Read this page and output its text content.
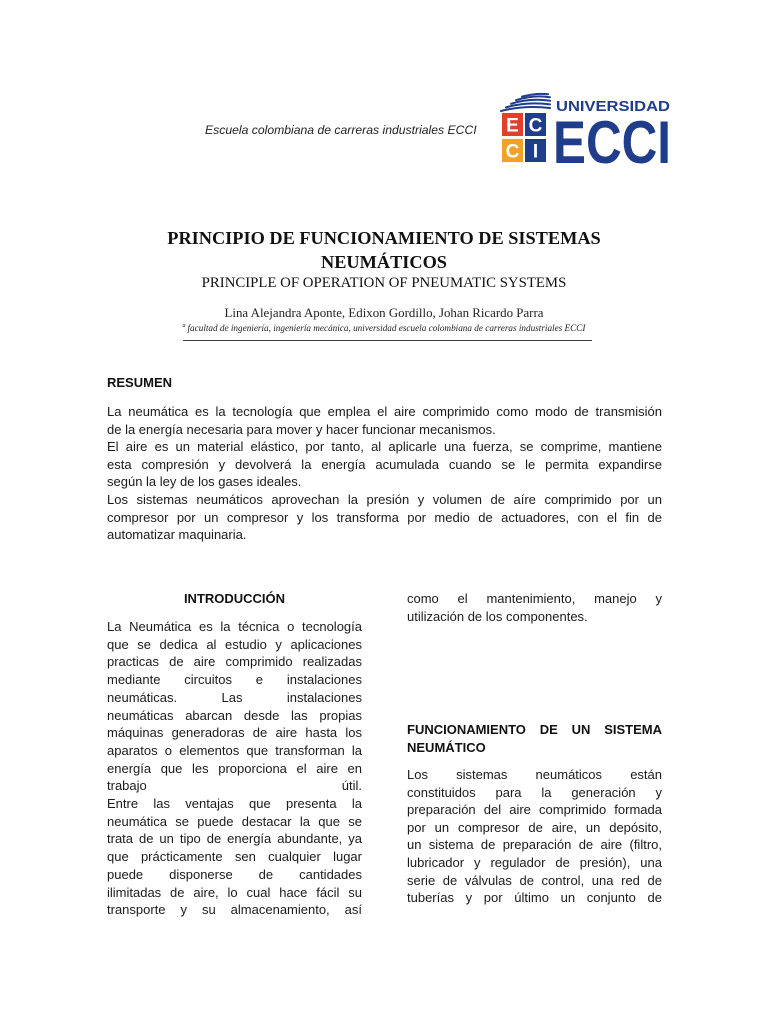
Escuela colombiana de carreras industriales ECCI E C
C I
UNIVERSIDAD
ECCI
PRINCIPIO DE FUNCIONAMIENTO DE SISTEMAS
NEUMÁTICOS
PRINCIPLE OF OPERATION OF PNEUMATIC SYSTEMS
Lina Alejandra Aponte, Edixon Gordillo, Johan Ricardo Parra
$^a$ facultad de ingeniería, ingeniería mecánica, universidad escuela colombiana de carreras industriales ECCI
RESUMEN
La neumática es la tecnología que emplea el aire comprimido como modo de transmisión
de la energía necesaria para mover y hacer funcionar mecanismos.
El aire es un material elástico, por tanto, al aplicarle una fuerza, se comprime, mantiene
esta compresión y devolverá la energía acumulada cuando se le permita expandirse
según la ley de los gases ideales.
Los sistemas neumáticos aprovechan la presión y volumen de aíre comprimido por un
compresor por un compresor y los transforma por medio de actuadores, con el fin de
automatizar maquinaria.
INTRODUCCIÓN
La Neumática es la técnica o tecnología
que se dedica al estudio y aplicaciones
practicas de aire comprimido realizadas
mediante circuitos e instalaciones
neumáticas. Las instalaciones
neumáticas abarcan desde las propias
máquinas generadoras de aire hasta los
aparatos o elementos que transforman la
energía que les proporciona el aire en
trabajo útil.
Entre las ventajas que presenta la
neumática se puede destacar la que se
trata de un tipo de energía abundante, ya
que prácticamente sen cualquier lugar
puede disponerse de cantidades
ilimitadas de aire, lo cual hace fácil su
transporte y su almacenamiento, así
como el mantenimiento, manejo y
utilización de los componentes.
FUNCIONAMIENTO DE UN SISTEMA
NEUMÁTICO
Los sistemas neumáticos están
constituidos para la generación y
preparación del aire comprimido formada
por un compresor de aire, un depósito,
un sistema de preparación de aire (filtro,
lubricador y regulador de presión), una
serie de válvulas de control, una red de
tuberías y por último un conjunto de
